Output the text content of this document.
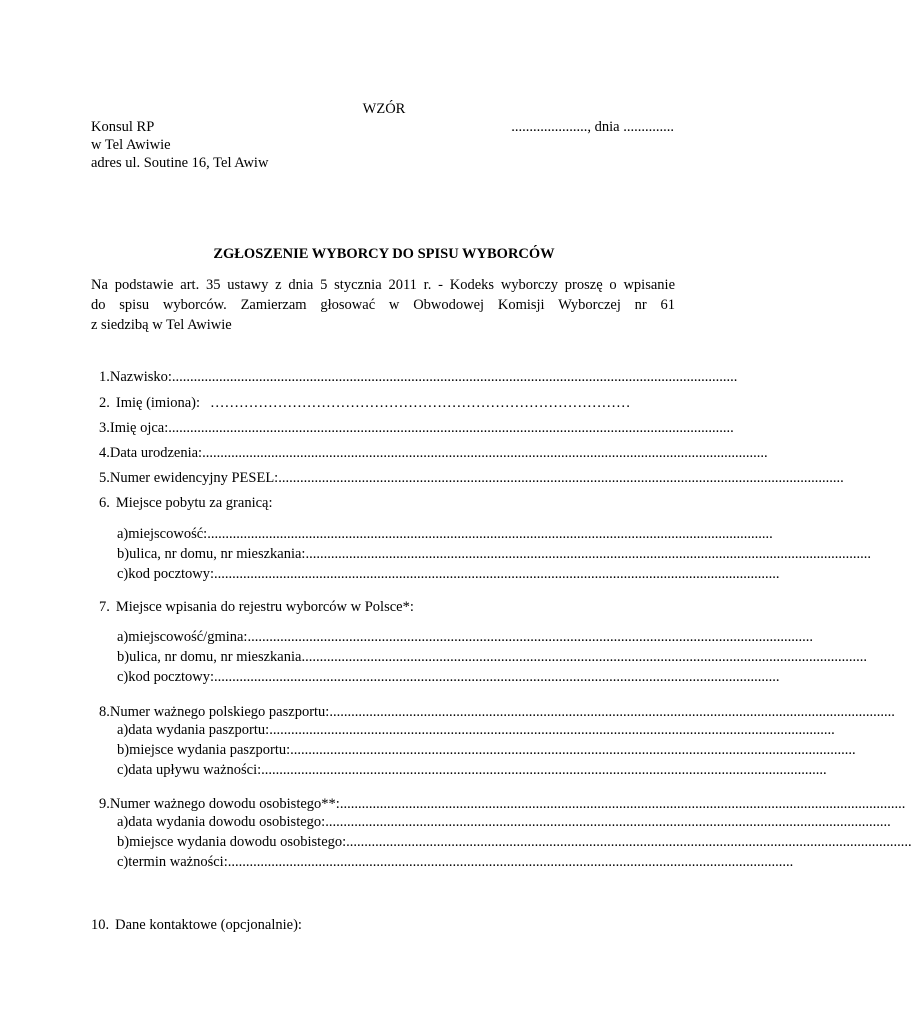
WZÓR
Konsul RP
w Tel Awiwie
adres ul. Soutine 16, Tel Awiw
....................., dnia ..............
ZGŁOSZENIE WYBORCY DO SPISU WYBORCÓW
Na podstawie art. 35 ustawy z dnia 5 stycznia 2011 r. - Kodeks wyborczy proszę o wpisanie
do spisu wyborców. Zamierzam głosować w Obwodowej Komisji Wyborczej nr 61
z siedzibą w Tel Awiwie
1. Nazwisko: ............................................................................................................................................................
2. Imię (imiona): ……………………………………………………………………………
3. Imię ojca: ............................................................................................................................................................
4. Data urodzenia: ............................................................................................................................................................
5. Numer ewidencyjny PESEL: ............................................................................................................................................................
6. Miejsce pobytu za granicą:
a) miejscowość: ............................................................................................................................................................
b) ulica, nr domu, nr mieszkania: ............................................................................................................................................................
c) kod pocztowy: ............................................................................................................................................................
7. Miejsce wpisania do rejestru wyborców w Polsce*:
a) miejscowość/gmina: ............................................................................................................................................................
b) ulica, nr domu, nr mieszkania ............................................................................................................................................................
c) kod pocztowy: ............................................................................................................................................................
8. Numer ważnego polskiego paszportu: ............................................................................................................................................................
a) data wydania paszportu: ............................................................................................................................................................
b) miejsce wydania paszportu: ............................................................................................................................................................
c) data upływu ważności: ............................................................................................................................................................
9. Numer ważnego dowodu osobistego**: ............................................................................................................................................................
a) data wydania dowodu osobistego: ............................................................................................................................................................
b) miejsce wydania dowodu osobistego: ............................................................................................................................................................
c) termin ważności: ............................................................................................................................................................
10. Dane kontaktowe (opcjonalnie):
